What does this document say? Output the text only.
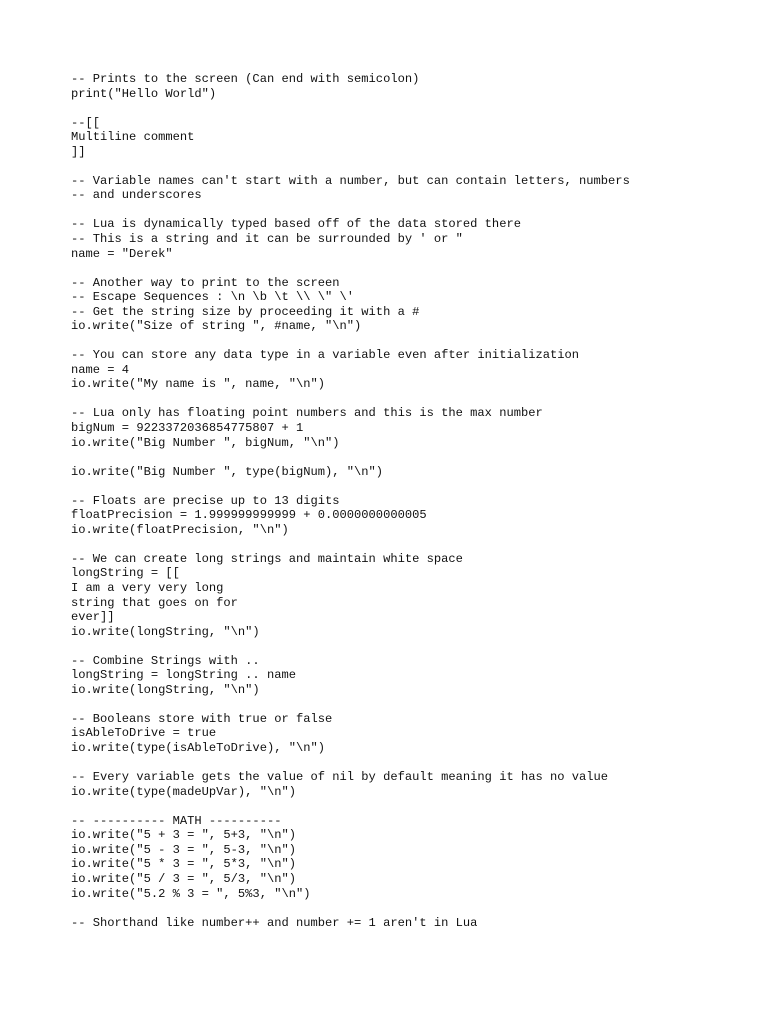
-- Prints to the screen (Can end with semicolon)
print("Hello World")
--[[
Multiline comment
]]
-- Variable names can't start with a number, but can contain letters, numbers
-- and underscores
-- Lua is dynamically typed based off of the data stored there
-- This is a string and it can be surrounded by ' or "
name = "Derek"
-- Another way to print to the screen
-- Escape Sequences : \n \b \t \\ \" \'
-- Get the string size by proceeding it with a #
io.write("Size of string ", #name, "\n")
-- You can store any data type in a variable even after initialization
name = 4
io.write("My name is ", name, "\n")
-- Lua only has floating point numbers and this is the max number
bigNum = 9223372036854775807 + 1
io.write("Big Number ", bigNum, "\n")
io.write("Big Number ", type(bigNum), "\n")
-- Floats are precise up to 13 digits
floatPrecision = 1.999999999999 + 0.0000000000005
io.write(floatPrecision, "\n")
-- We can create long strings and maintain white space
longString = [[
I am a very very long
string that goes on for
ever]]
io.write(longString, "\n")
-- Combine Strings with ..
longString = longString .. name
io.write(longString, "\n")
-- Booleans store with true or false
isAbleToDrive = true
io.write(type(isAbleToDrive), "\n")
-- Every variable gets the value of nil by default meaning it has no value
io.write(type(madeUpVar), "\n")
-- ---------- MATH ----------
io.write("5 + 3 = ", 5+3, "\n")
io.write("5 - 3 = ", 5-3, "\n")
io.write("5 * 3 = ", 5*3, "\n")
io.write("5 / 3 = ", 5/3, "\n")
io.write("5.2 % 3 = ", 5%3, "\n")
-- Shorthand like number++ and number += 1 aren't in Lua
